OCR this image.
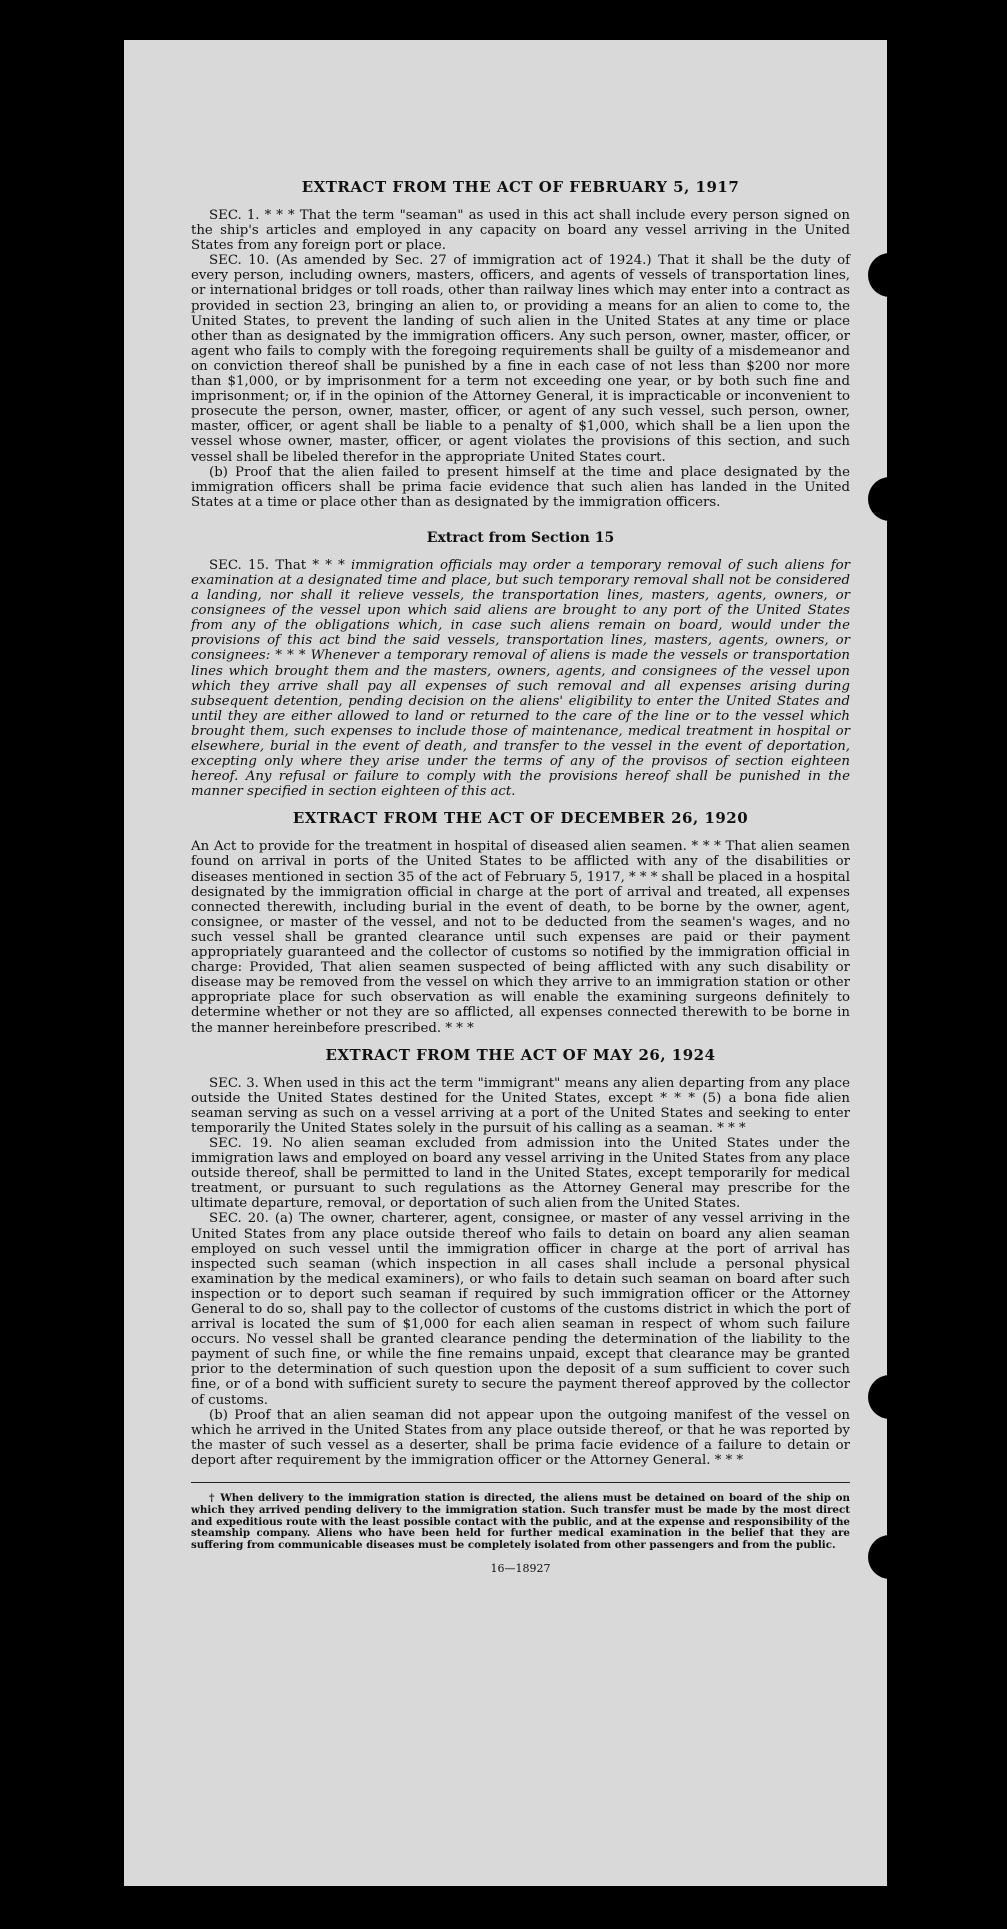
EXTRACT FROM THE ACT OF FEBRUARY 5, 1917

SEC. 1. * * * That the term "seaman" as used in this act shall include every person signed on the ship's articles and employed in any capacity on board any vessel arriving in the United States from any foreign port or place.

SEC. 10. (As amended by Sec. 27 of immigration act of 1924.) That it shall be the duty of every person, including owners, masters, officers, and agents of vessels of transportation lines, or international bridges or toll roads, other than railway lines which may enter into a contract as provided in section 23, bringing an alien to, or providing a means for an alien to come to, the United States, to prevent the landing of such alien in the United States at any time or place other than as designated by the immigration officers. Any such person, owner, master, officer, or agent who fails to comply with the foregoing requirements shall be guilty of a misdemeanor and on conviction thereof shall be punished by a fine in each case of not less than $200 nor more than $1,000, or by imprisonment for a term not exceeding one year, or by both such fine and imprisonment; or, if in the opinion of the Attorney General, it is impracticable or inconvenient to prosecute the person, owner, master, officer, or agent of any such vessel, such person, owner, master, officer, or agent shall be liable to a penalty of $1,000, which shall be a lien upon the vessel whose owner, master, officer, or agent violates the provisions of this section, and such vessel shall be libeled therefor in the appropriate United States court.

(b) Proof that the alien failed to present himself at the time and place designated by the immigration officers shall be prima facie evidence that such alien has landed in the United States at a time or place other than as designated by the immigration officers.

Extract from Section 15

SEC. 15. That * * * immigration officials may order a temporary removal of such aliens for examination at a designated time and place, but such temporary removal shall not be considered a landing, nor shall it relieve vessels, the transportation lines, masters, agents, owners, or consignees of the vessel upon which said aliens are brought to any port of the United States from any of the obligations which, in case such aliens remain on board, would under the provisions of this act bind the said vessels, transportation lines, masters, agents, owners, or consignees: * * * Whenever a temporary removal of aliens is made the vessels or transportation lines which brought them and the masters, owners, agents, and consignees of the vessel upon which they arrive shall pay all expenses of such removal and all expenses arising during subsequent detention, pending decision on the aliens' eligibility to enter the United States and until they are either allowed to land or returned to the care of the line or to the vessel which brought them, such expenses to include those of maintenance, medical treatment in hospital or elsewhere, burial in the event of death, and transfer to the vessel in the event of deportation, excepting only where they arise under the terms of any of the provisos of section eighteen hereof. Any refusal or failure to comply with the provisions hereof shall be punished in the manner specified in section eighteen of this act.

EXTRACT FROM THE ACT OF DECEMBER 26, 1920

An Act to provide for the treatment in hospital of diseased alien seamen. * * * That alien seamen found on arrival in ports of the United States to be afflicted with any of the disabilities or diseases mentioned in section 35 of the act of February 5, 1917, * * * shall be placed in a hospital designated by the immigration official in charge at the port of arrival and treated, all expenses connected therewith, including burial in the event of death, to be borne by the owner, agent, consignee, or master of the vessel, and not to be deducted from the seamen's wages, and no such vessel shall be granted clearance until such expenses are paid or their payment appropriately guaranteed and the collector of customs so notified by the immigration official in charge: Provided, That alien seamen suspected of being afflicted with any such disability or disease may be removed from the vessel on which they arrive to an immigration station or other appropriate place for such observation as will enable the examining surgeons definitely to determine whether or not they are so afflicted, all expenses connected therewith to be borne in the manner hereinbefore prescribed. * * *

EXTRACT FROM THE ACT OF MAY 26, 1924

SEC. 3. When used in this act the term "immigrant" means any alien departing from any place outside the United States destined for the United States, except * * * (5) a bona fide alien seaman serving as such on a vessel arriving at a port of the United States and seeking to enter temporarily the United States solely in the pursuit of his calling as a seaman. * * *

SEC. 19. No alien seaman excluded from admission into the United States under the immigration laws and employed on board any vessel arriving in the United States from any place outside thereof, shall be permitted to land in the United States, except temporarily for medical treatment, or pursuant to such regulations as the Attorney General may prescribe for the ultimate departure, removal, or deportation of such alien from the United States.

SEC. 20. (a) The owner, charterer, agent, consignee, or master of any vessel arriving in the United States from any place outside thereof who fails to detain on board any alien seaman employed on such vessel until the immigration officer in charge at the port of arrival has inspected such seaman (which inspection in all cases shall include a personal physical examination by the medical examiners), or who fails to detain such seaman on board after such inspection or to deport such seaman if required by such immigration officer or the Attorney General to do so, shall pay to the collector of customs of the customs district in which the port of arrival is located the sum of $1,000 for each alien seaman in respect of whom such failure occurs. No vessel shall be granted clearance pending the determination of the liability to the payment of such fine, or while the fine remains unpaid, except that clearance may be granted prior to the determination of such question upon the deposit of a sum sufficient to cover such fine, or of a bond with sufficient surety to secure the payment thereof approved by the collector of customs.

(b) Proof that an alien seaman did not appear upon the outgoing manifest of the vessel on which he arrived in the United States from any place outside thereof, or that he was reported by the master of such vessel as a deserter, shall be prima facie evidence of a failure to detain or deport after requirement by the immigration officer or the Attorney General. * * *

† When delivery to the immigration station is directed, the aliens must be detained on board of the ship on which they arrived pending delivery to the immigration station. Such transfer must be made by the most direct and expeditious route with the least possible contact with the public, and at the expense and responsibility of the steamship company. Aliens who have been held for further medical examination in the belief that they are suffering from communicable diseases must be completely isolated from other passengers and from the public.

16—18927
